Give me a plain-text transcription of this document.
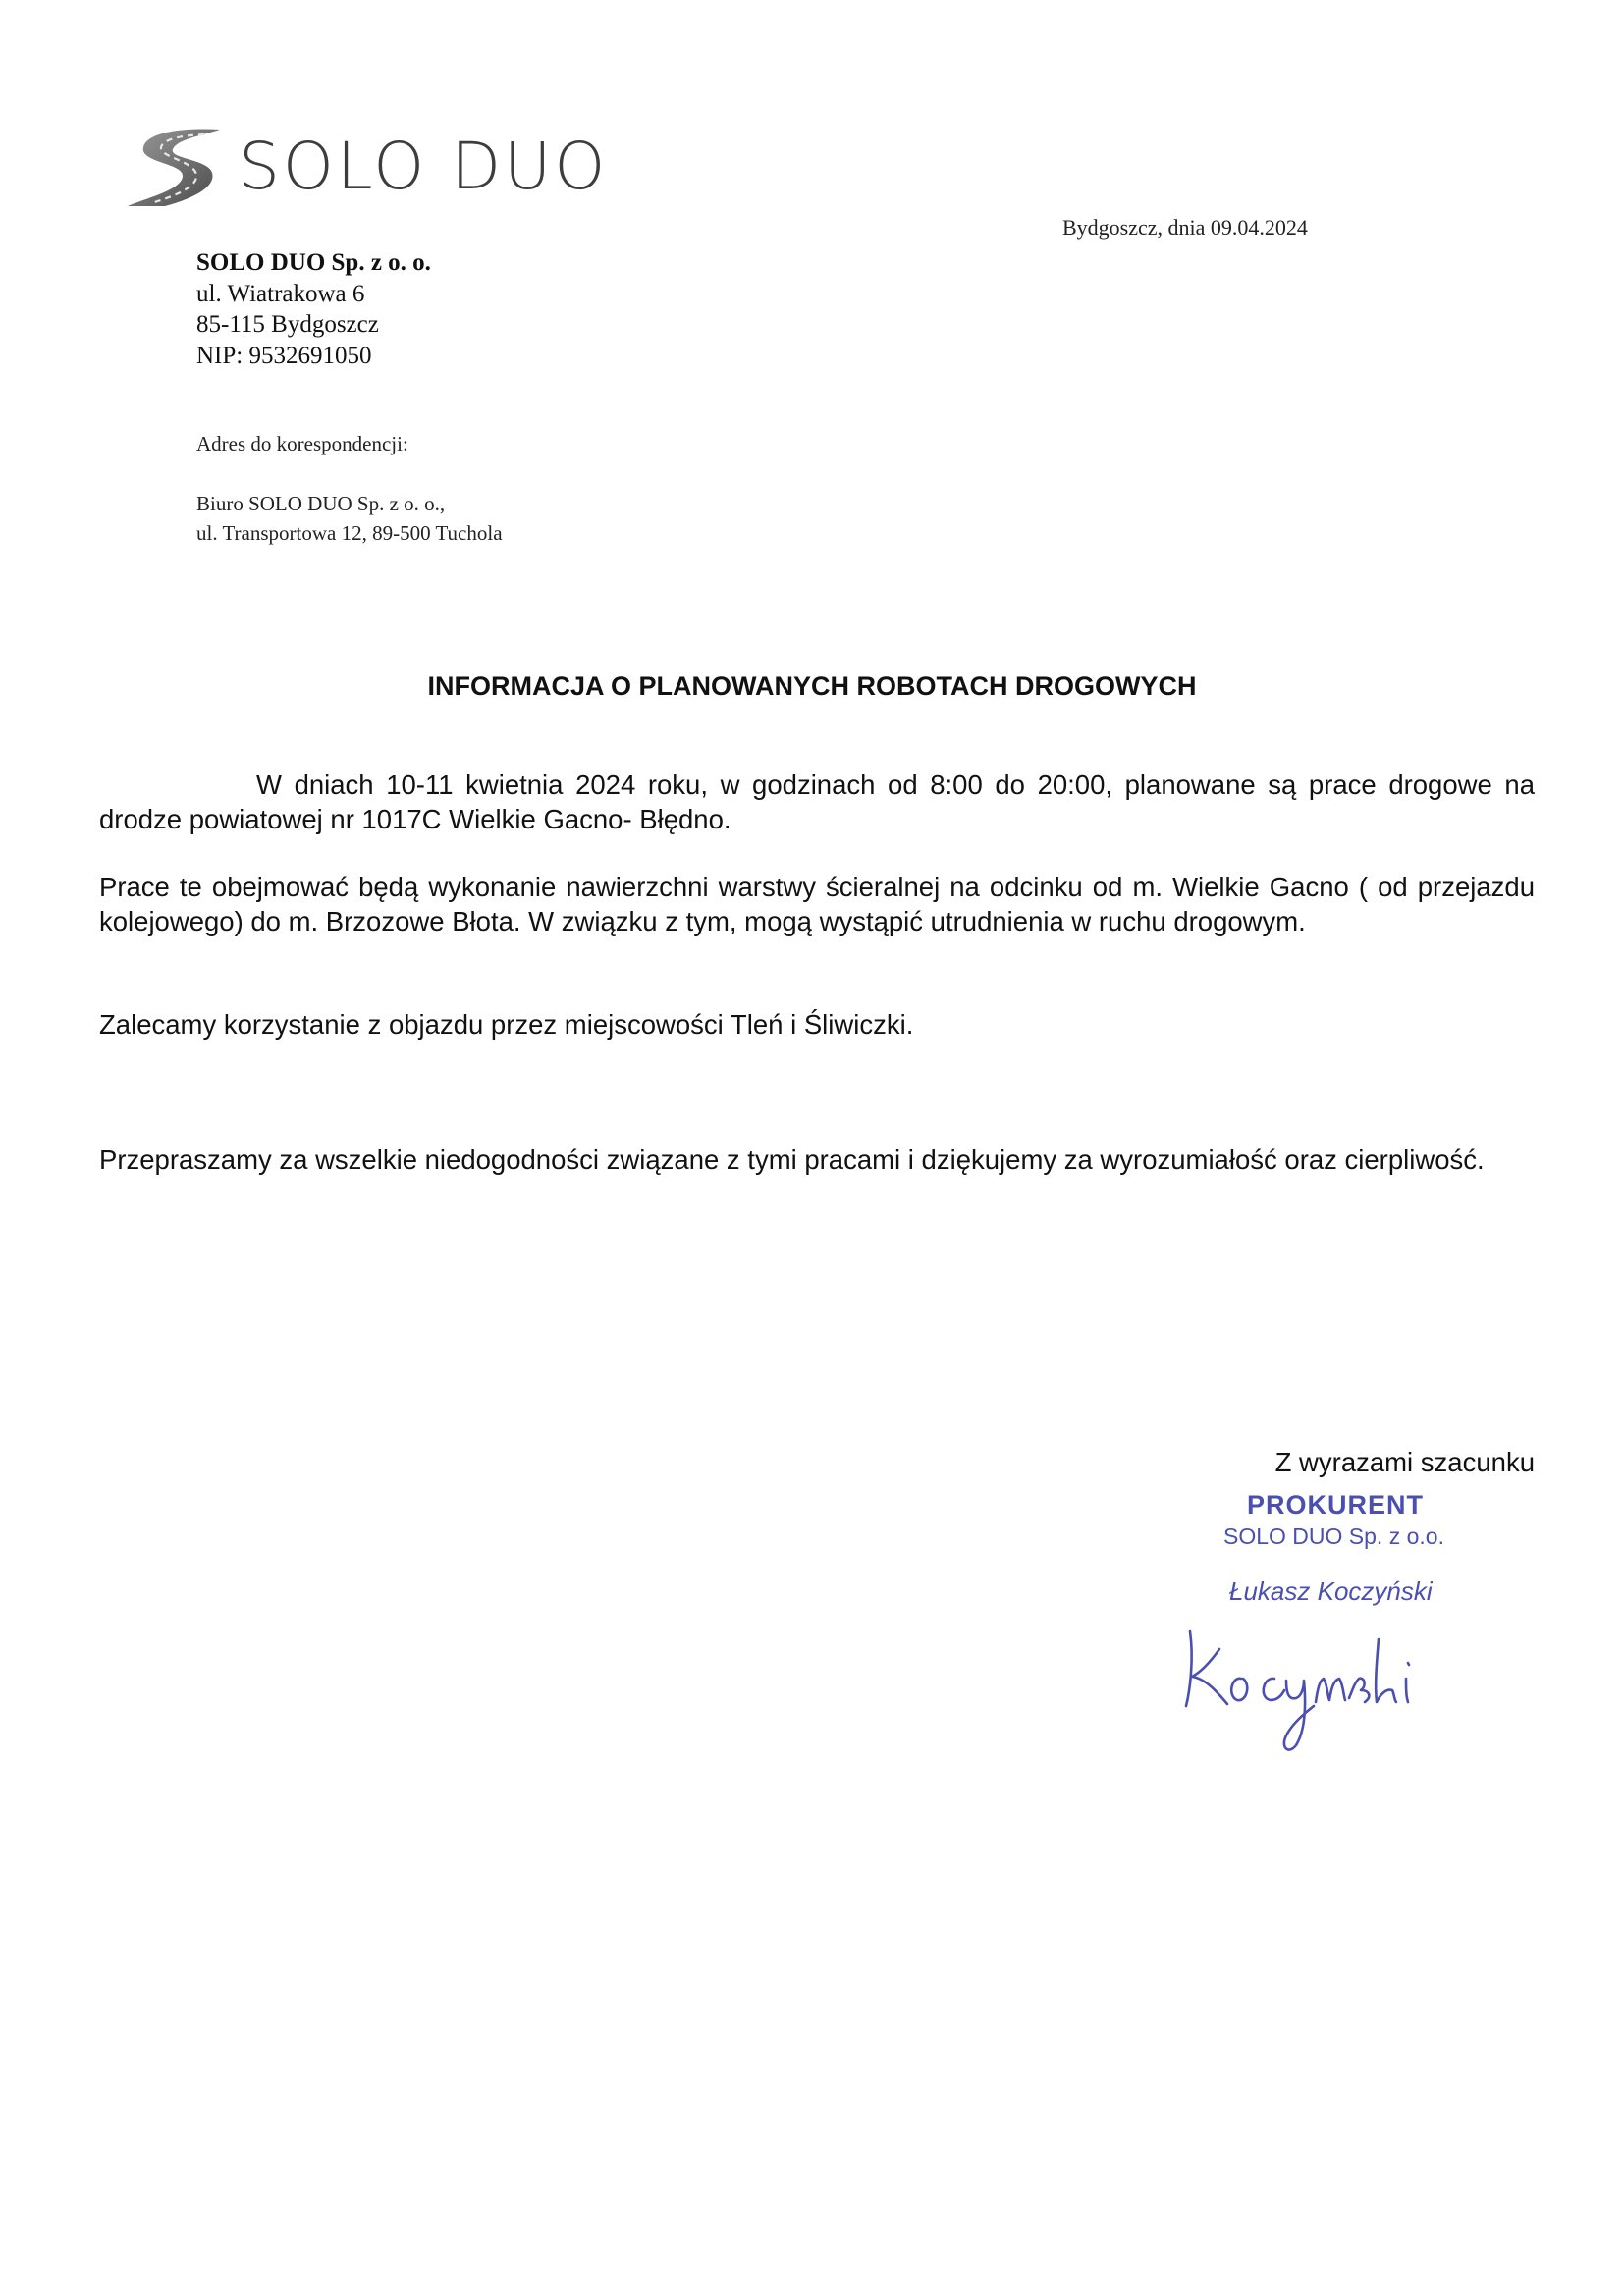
SOLO DUO
Bydgoszcz, dnia 09.04.2024
SOLO DUO Sp. z o. o.
ul. Wiatrakowa 6
85-115 Bydgoszcz
NIP: 9532691050
Adres do korespondencji:
Biuro SOLO DUO Sp. z o. o.,
ul. Transportowa 12, 89-500 Tuchola
INFORMACJA O PLANOWANYCH ROBOTACH DROGOWYCH

W dniach 10-11 kwietnia 2024 roku, w godzinach od 8:00 do 20:00, planowane są prace drogowe na drodze powiatowej nr 1017C Wielkie Gacno- Błędno.

Prace te obejmować będą wykonanie nawierzchni warstwy ścieralnej na odcinku od m. Wielkie Gacno ( od przejazdu kolejowego) do m. Brzozowe Błota. W związku z tym, mogą wystąpić utrudnienia w ruchu drogowym.

Zalecamy korzystanie z objazdu przez miejscowości Tleń i Śliwiczki.

Przepraszamy za wszelkie niedogodności związane z tymi pracami i dziękujemy za wyrozumiałość oraz cierpliwość.

Z wyrazami szacunku
PROKURENT
SOLO DUO Sp. z o.o.
Łukasz Koczyński
